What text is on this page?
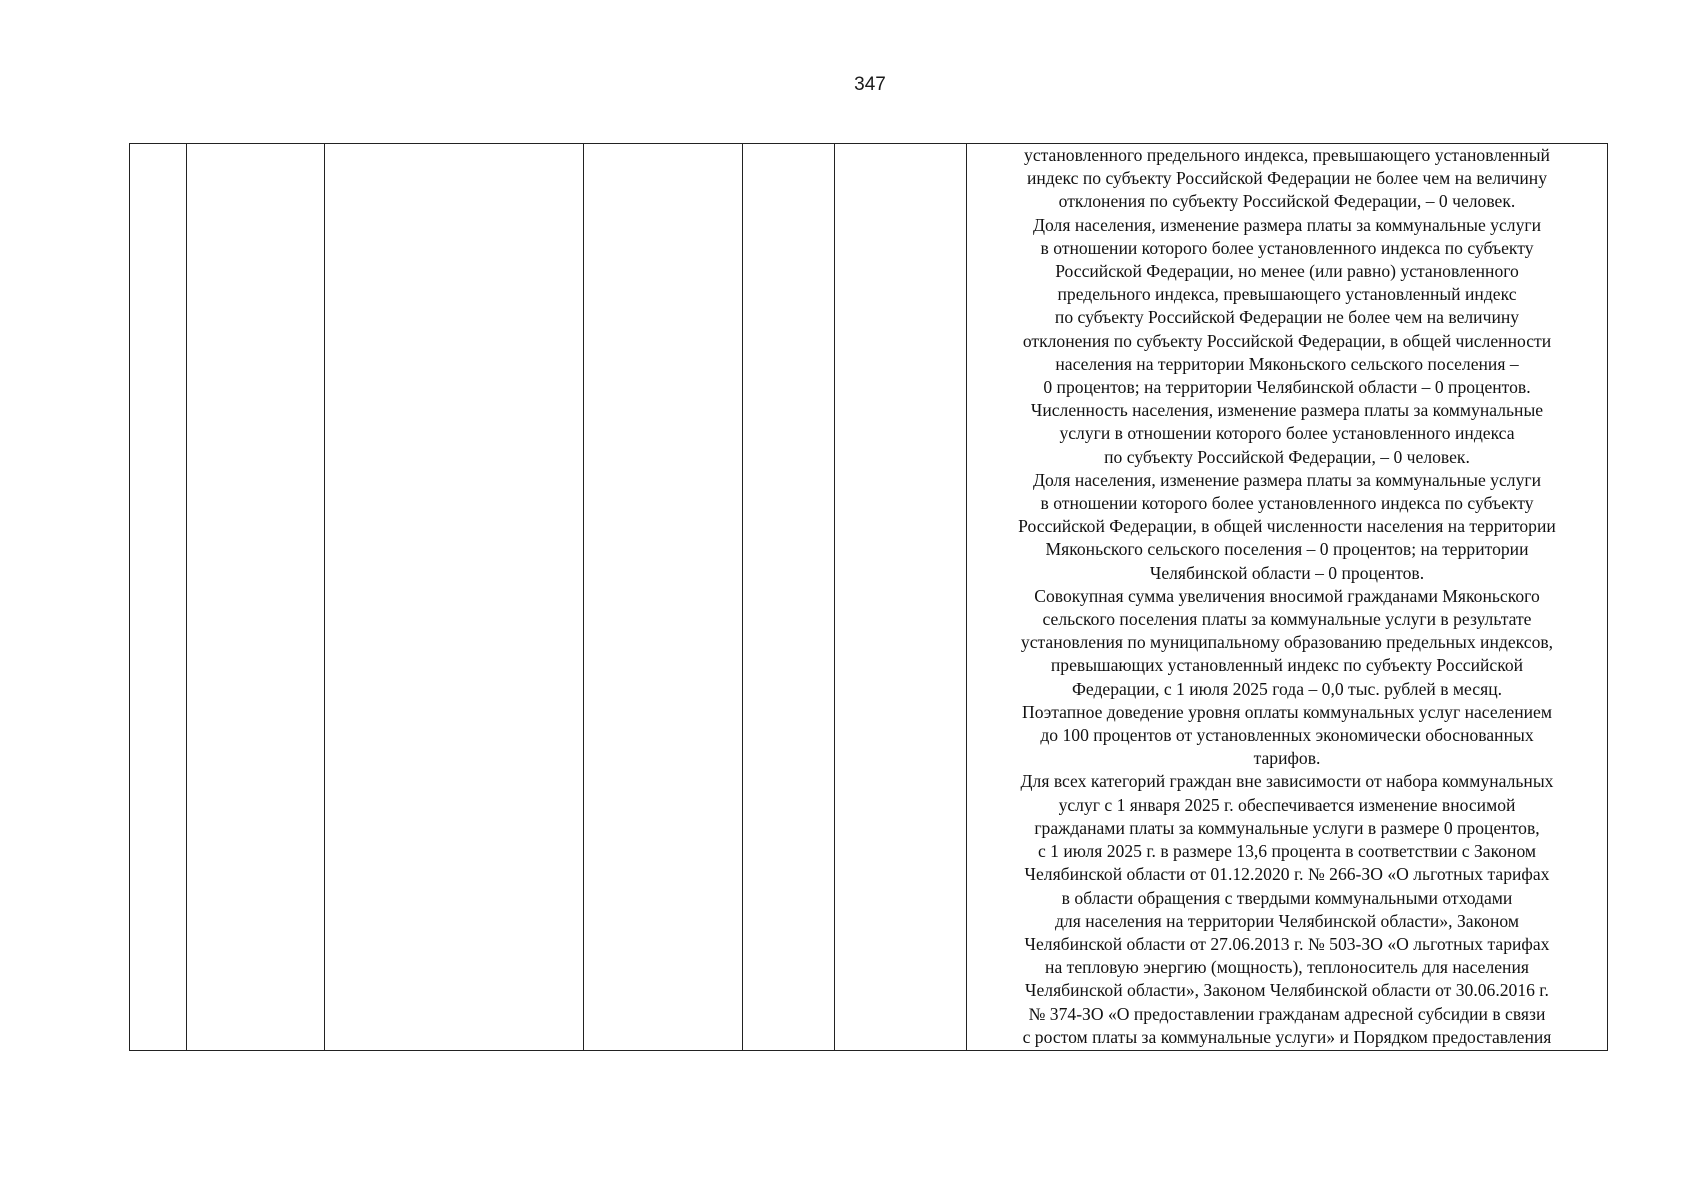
347

установленного предельного индекса, превышающего установленный
индекс по субъекту Российской Федерации не более чем на величину
отклонения по субъекту Российской Федерации, – 0 человек.
Доля населения, изменение размера платы за коммунальные услуги
в отношении которого более установленного индекса по субъекту
Российской Федерации, но менее (или равно) установленного
предельного индекса, превышающего установленный индекс
по субъекту Российской Федерации не более чем на величину
отклонения по субъекту Российской Федерации, в общей численности
населения на территории Мяконьского сельского поселения –
0 процентов; на территории Челябинской области – 0 процентов.
Численность населения, изменение размера платы за коммунальные
услуги в отношении которого более установленного индекса
по субъекту Российской Федерации, – 0 человек.
Доля населения, изменение размера платы за коммунальные услуги
в отношении которого более установленного индекса по субъекту
Российской Федерации, в общей численности населения на территории
Мяконьского сельского поселения – 0 процентов; на территории
Челябинской области – 0 процентов.
Совокупная сумма увеличения вносимой гражданами Мяконьского
сельского поселения платы за коммунальные услуги в результате
установления по муниципальному образованию предельных индексов,
превышающих установленный индекс по субъекту Российской
Федерации, с 1 июля 2025 года – 0,0 тыс. рублей в месяц.
Поэтапное доведение уровня оплаты коммунальных услуг населением
до 100 процентов от установленных экономически обоснованных
тарифов.
Для всех категорий граждан вне зависимости от набора коммунальных
услуг с 1 января 2025 г. обеспечивается изменение вносимой
гражданами платы за коммунальные услуги в размере 0 процентов,
с 1 июля 2025 г. в размере 13,6 процента в соответствии с Законом
Челябинской области от 01.12.2020 г. № 266-ЗО «О льготных тарифах
в области обращения с твердыми коммунальными отходами
для населения на территории Челябинской области», Законом
Челябинской области от 27.06.2013 г. № 503-ЗО «О льготных тарифах
на тепловую энергию (мощность), теплоноситель для населения
Челябинской области», Законом Челябинской области от 30.06.2016 г.
№ 374-ЗО «О предоставлении гражданам адресной субсидии в связи
с ростом платы за коммунальные услуги» и Порядком предоставления
